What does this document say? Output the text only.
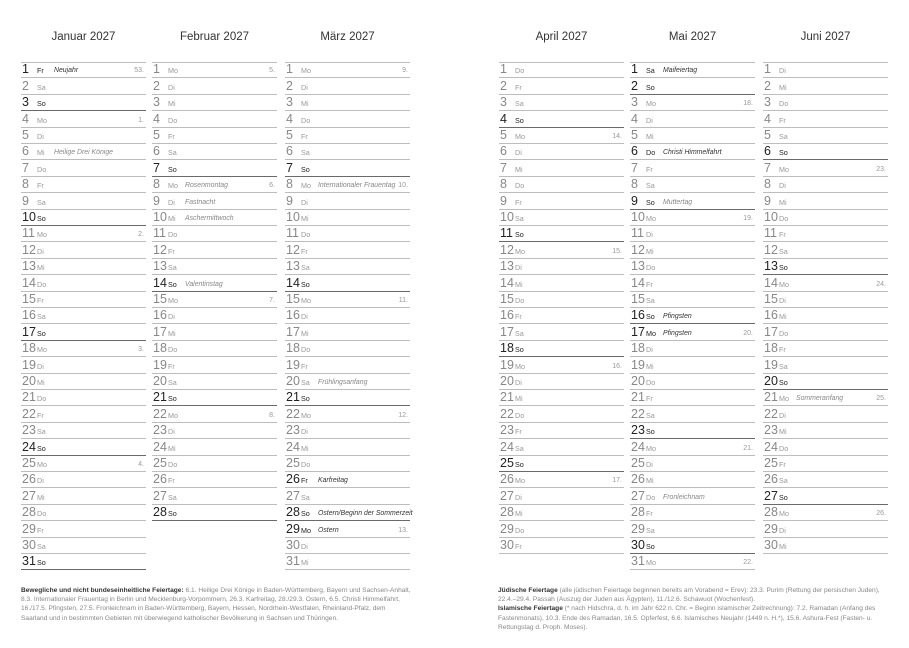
Januar 2027
1 Fr Neujahr	53.
2 Sa
3 So
4 Mo	1.
5 Di
6 Mi Heilige Drei Könige
7 Do
8 Fr
9 Sa
10 So
11 Mo	2.
12 Di
13 Mi
14 Do
15 Fr
16 Sa
17 So
18 Mo	3.
19 Di
20 Mi
21 Do
22 Fr
23 Sa
24 So
25 Mo	4.
26 Di
27 Mi
28 Do
29 Fr
30 Sa
31 So
Februar 2027
1 Mo	5.
2 Di
3 Mi
4 Do
5 Fr
6 Sa
7 So
8 Mo Rosenmontag	6.
9 Di Fastnacht
10 Mi Aschermittwoch
11 Do
12 Fr
13 Sa
14 So Valentinstag
15 Mo	7.
16 Di
17 Mi
18 Do
19 Fr
20 Sa
21 So
22 Mo	8.
23 Di
24 Mi
25 Do
26 Fr
27 Sa
28 So
März 2027
1 Mo	9.
2 Di
3 Mi
4 Do
5 Fr
6 Sa
7 So
8 Mo Internationaler Frauentag 10.
9 Di
10 Mi
11 Do
12 Fr
13 Sa
14 So
15 Mo	11.
16 Di
17 Mi
18 Do
19 Fr
20 Sa Frühlingsanfang
21 So
22 Mo	12.
23 Di
24 Mi
25 Do
26 Fr Karfreitag
27 Sa
28 So Ostern/Beginn der Sommerzeit
29 Mo Ostern	13.
30 Di
31 Mi
April 2027
1 Do
2 Fr
3 Sa
4 So
5 Mo	14.
6 Di
7 Mi
8 Do
9 Fr
10 Sa
11 So
12 Mo	15.
13 Di
14 Mi
15 Do
16 Fr
17 Sa
18 So
19 Mo	16.
20 Di
21 Mi
22 Do
23 Fr
24 Sa
25 So
26 Mo	17.
27 Di
28 Mi
29 Do
30 Fr
Mai 2027
1 Sa Maifeiertag
2 So
3 Mo	18.
4 Di
5 Mi
6 Do Christi Himmelfahrt
7 Fr
8 Sa
9 So Muttertag
10 Mo	19.
11 Di
12 Mi
13 Do
14 Fr
15 Sa
16 So Pfingsten
17 Mo Pfingsten	20.
18 Di
19 Mi
20 Do
21 Fr
22 Sa
23 So
24 Mo	21.
25 Di
26 Mi
27 Do Fronleichnam
28 Fr
29 Sa
30 So
31 Mo	22.
Juni 2027
1 Di
2 Mi
3 Do
4 Fr
5 Sa
6 So
7 Mo	23.
8 Di
9 Mi
10 Do
11 Fr
12 Sa
13 So
14 Mo	24.
15 Di
16 Mi
17 Do
18 Fr
19 Sa
20 So
21 Mo Sommeranfang	25.
22 Di
23 Mi
24 Do
25 Fr
26 Sa
27 So
28 Mo	26.
29 Di
30 Mi
Bewegliche und nicht bundeseinheitliche Feiertage: 6.1. Heilige Drei Könige in Baden-Württemberg, Bayern und Sachsen-Anhalt, 8.3. Internationaler Frauentag in Berlin und Mecklenburg-Vorpommern, 26.3. Karfreitag, 28./29.3. Ostern, 6.5. Christi Himmelfahrt, 16./17.5. Pfingsten, 27.5. Fronleichnam in Baden-Württemberg, Bayern, Hessen, Nordrhein-Westfalen, Rheinland-Pfalz, dem Saarland und in bestimmten Gebieten mit überwiegend katholischer Bevölkerung in Sachsen und Thüringen.
Jüdische Feiertage (alle jüdischen Feiertage beginnen bereits am Vorabend = Erev): 23.3. Purim (Rettung der persischen Juden), 22.4.–29.4. Passah (Auszug der Juden aus Ägypten), 11./12.6. Schawuot (Wochenfest).
Islamische Feiertage (* nach Hidschra, d. h. im Jahr 622 n. Chr. = Beginn islamischer Zeitrechnung): 7.2. Ramadan (Anfang des Fastenmonats), 10.3. Ende des Ramadan, 16.5. Opferfest, 6.6. Islamisches Neujahr (1449 n. H.*), 15.6. Ashura-Fest (Fasten- u. Rettungstag d. Proph. Moses).
